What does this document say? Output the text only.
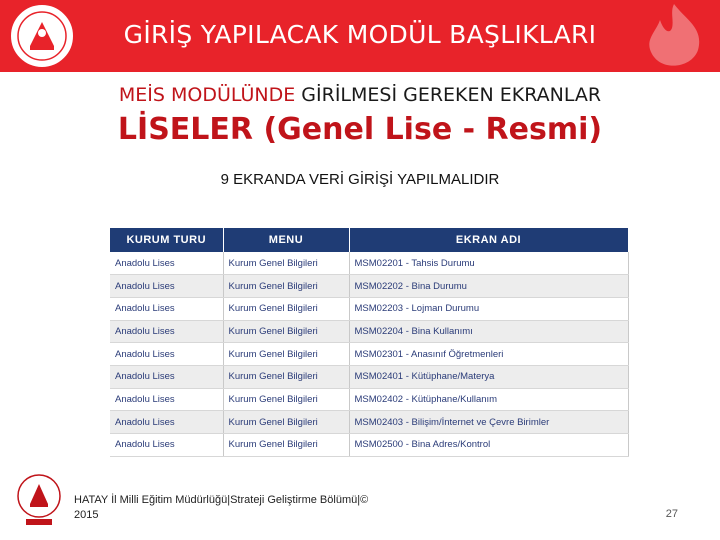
GİRİŞ YAPILACAK MODÜL BAŞLIKLARI
MEİS MODÜLÜNDE GİRİLMESİ GEREKEN EKRANLAR
LİSELER (Genel Lise - Resmi)
9 EKRANDA VERİ GİRİŞİ YAPILMALIDIR
KURUM TURU	MENU	EKRAN ADI
Anadolu Lises	Kurum Genel Bilgileri	MSM02201 - Tahsis Durumu
Anadolu Lises	Kurum Genel Bilgileri	MSM02202 - Bina Durumu
Anadolu Lises	Kurum Genel Bilgileri	MSM02203 - Lojman Durumu
Anadolu Lises	Kurum Genel Bilgileri	MSM02204 - Bina Kullanımı
Anadolu Lises	Kurum Genel Bilgileri	MSM02301 - Anasınıf Öğretmenleri
Anadolu Lises	Kurum Genel Bilgileri	MSM02401 - Kütüphane/Materya
Anadolu Lises	Kurum Genel Bilgileri	MSM02402 - Kütüphane/Kullanım
Anadolu Lises	Kurum Genel Bilgileri	MSM02403 - Bilişim/İnternet ve Çevre Birimler
Anadolu Lises	Kurum Genel Bilgileri	MSM02500 - Bina Adres/Kontrol
HATAY İl Milli Eğitim Müdürlüğü|Strateji Geliştirme Bölümü|©
2015	27
